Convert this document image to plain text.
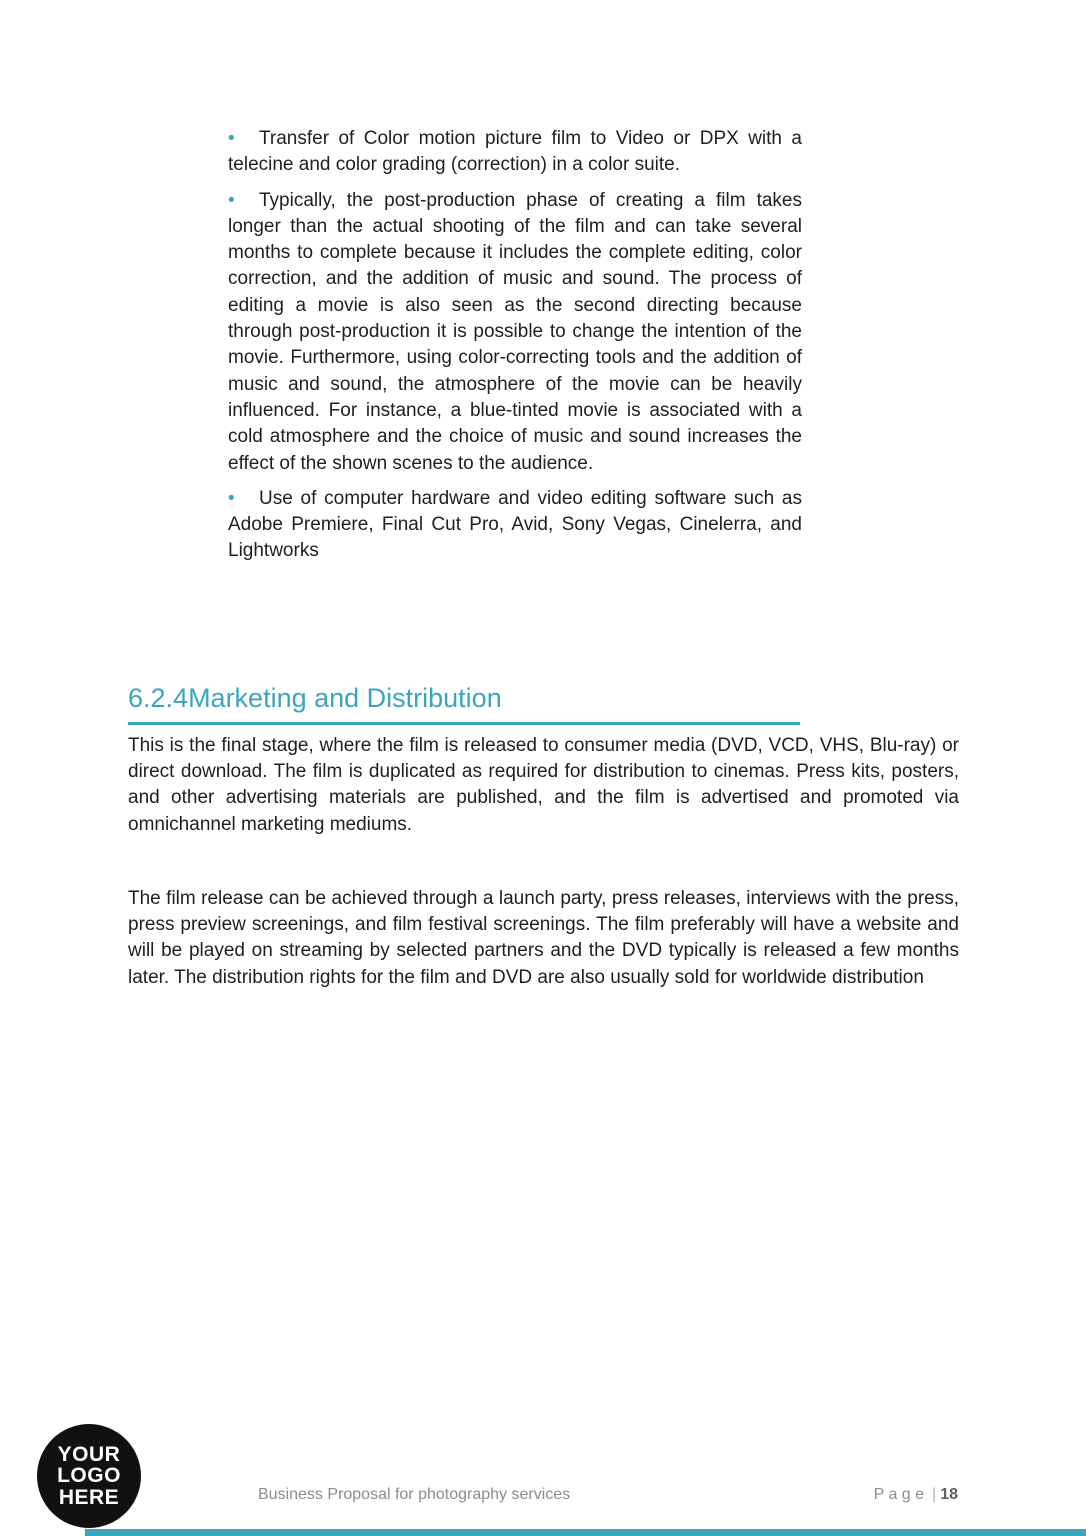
• Transfer of Color motion picture film to Video or DPX with a telecine and color grading (correction) in a color suite.
• Typically, the post-production phase of creating a film takes longer than the actual shooting of the film and can take several months to complete because it includes the complete editing, color correction, and the addition of music and sound. The process of editing a movie is also seen as the second directing because through post-production it is possible to change the intention of the movie. Furthermore, using color-correcting tools and the addition of music and sound, the atmosphere of the movie can be heavily influenced. For instance, a blue-tinted movie is associated with a cold atmosphere and the choice of music and sound increases the effect of the shown scenes to the audience.
• Use of computer hardware and video editing software such as Adobe Premiere, Final Cut Pro, Avid, Sony Vegas, Cinelerra, and Lightworks
6.2.4Marketing and Distribution
This is the final stage, where the film is released to consumer media (DVD, VCD, VHS, Blu-ray) or direct download. The film is duplicated as required for distribution to cinemas. Press kits, posters, and other advertising materials are published, and the film is advertised and promoted via omnichannel marketing mediums.
The film release can be achieved through a launch party, press releases, interviews with the press, press preview screenings, and film festival screenings. The film preferably will have a website and will be played on streaming by selected partners and the DVD typically is released a few months later. The distribution rights for the film and DVD are also usually sold for worldwide distribution
YOUR
LOGO
HERE	Business Proposal for photography services	P a g e | 18
